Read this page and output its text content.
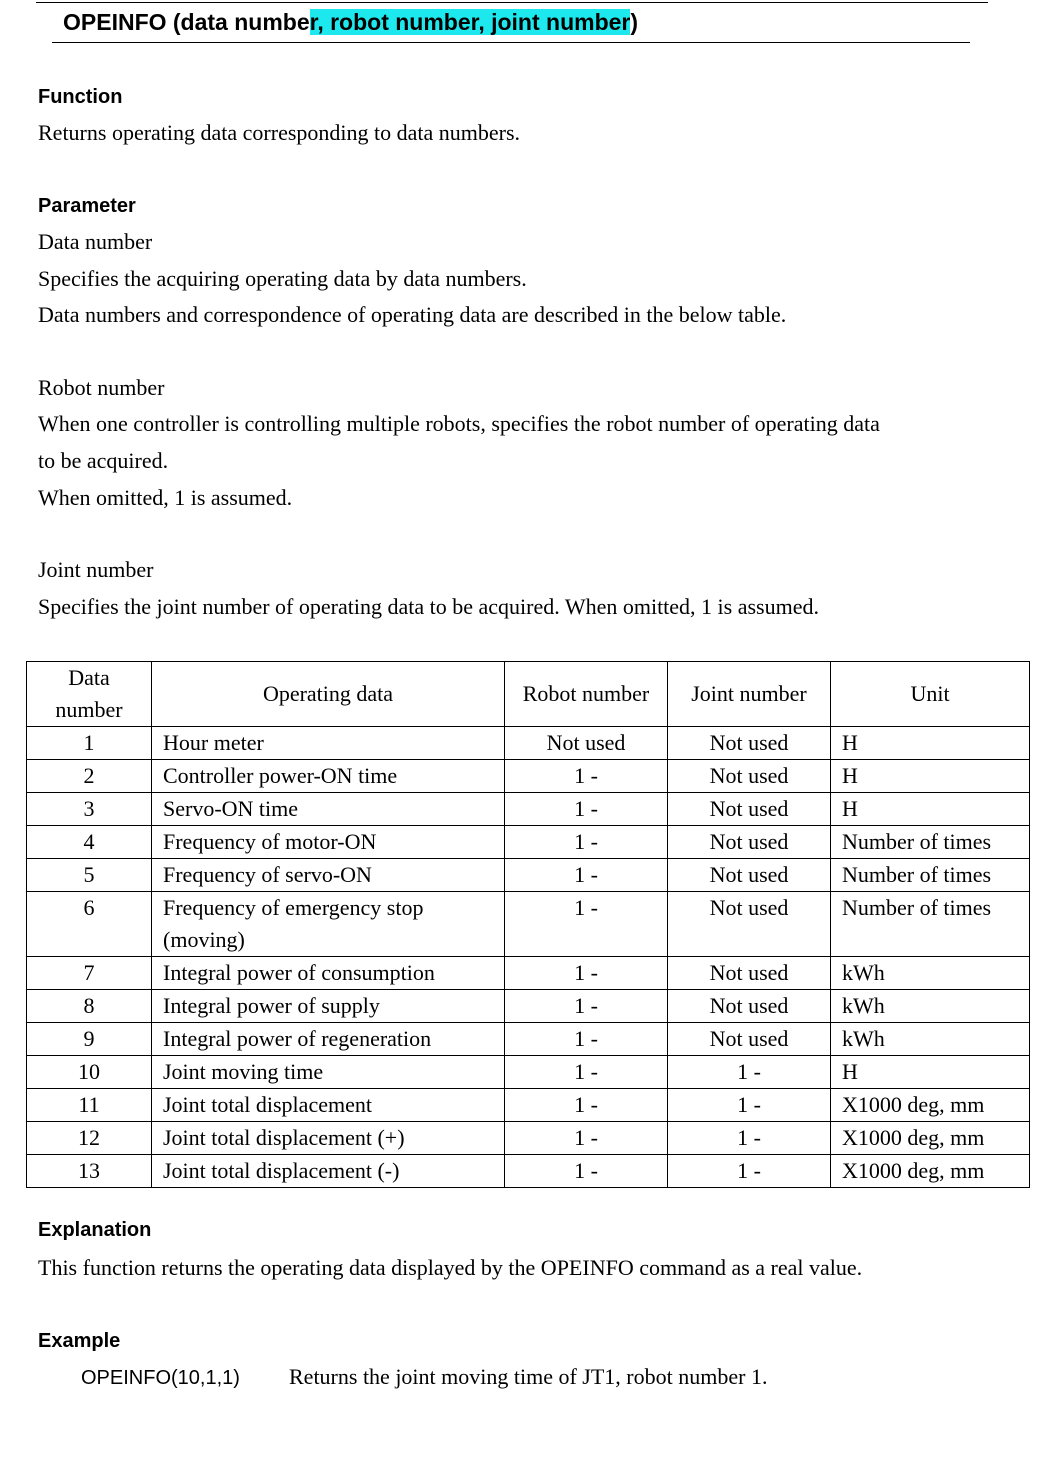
OPEINFO (data number, robot number, joint number)
Function
Returns operating data corresponding to data numbers.
Parameter
Data number
Specifies the acquiring operating data by data numbers.
Data numbers and correspondence of operating data are described in the below table.
Robot number
When one controller is controlling multiple robots, specifies the robot number of operating data
to be acquired.
When omitted, 1 is assumed.
Joint number
Specifies the joint number of operating data to be acquired. When omitted, 1 is assumed.
Data
number	Operating data	Robot number	Joint number	Unit
1	Hour meter	Not used	Not used	H
2	Controller power-ON time	1 -	Not used	H
3	Servo-ON time	1 -	Not used	H
4	Frequency of motor-ON	1 -	Not used	Number of times
5	Frequency of servo-ON	1 -	Not used	Number of times
6	Frequency of emergency stop
(moving)	1 -	Not used	Number of times
7	Integral power of consumption	1 -	Not used	kWh
8	Integral power of supply	1 -	Not used	kWh
9	Integral power of regeneration	1 -	Not used	kWh
10	Joint moving time	1 -	1 -	H
11	Joint total displacement	1 -	1 -	X1000 deg, mm
12	Joint total displacement (+)	1 -	1 -	X1000 deg, mm
13	Joint total displacement (-)	1 -	1 -	X1000 deg, mm
Explanation
This function returns the operating data displayed by the OPEINFO command as a real value.
Example
OPEINFO(10,1,1) Returns the joint moving time of JT1, robot number 1.
